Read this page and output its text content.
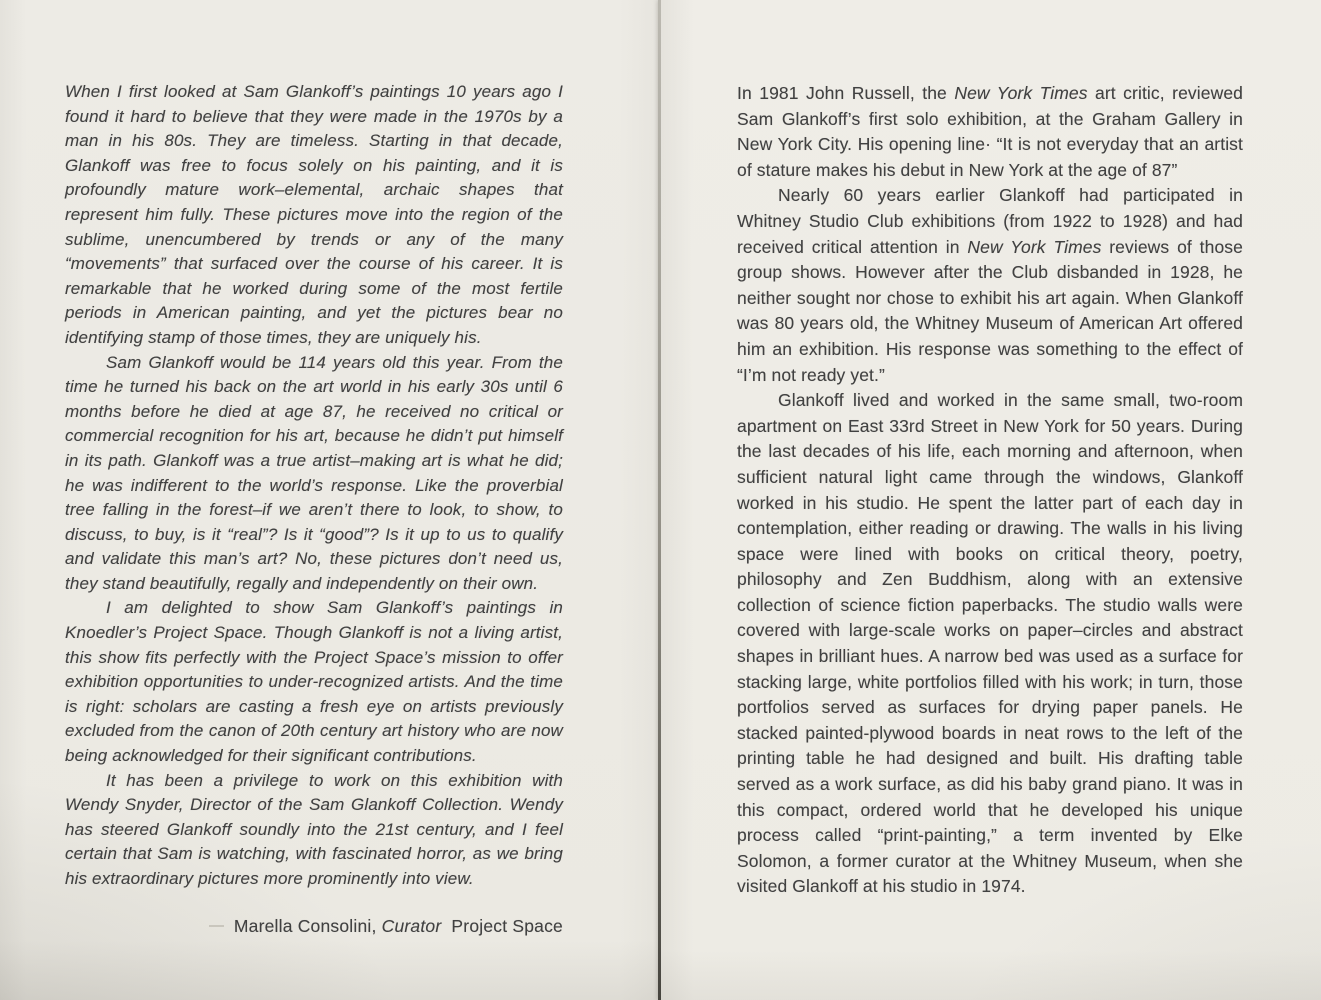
When I first looked at Sam Glankoff’s paintings 10 years ago I found it hard to believe that they were made in the 1970s by a man in his 80s. They are timeless. Starting in that decade, Glankoff was free to focus solely on his painting, and it is profoundly mature work–elemental, archaic shapes that represent him fully. These pictures move into the region of the sublime, unencumbered by trends or any of the many “movements” that surfaced over the course of his career. It is remarkable that he worked during some of the most fertile periods in American painting, and yet the pictures bear no identifying stamp of those times, they are uniquely his.

Sam Glankoff would be 114 years old this year. From the time he turned his back on the art world in his early 30s until 6 months before he died at age 87, he received no critical or commercial recognition for his art, because he didn’t put himself in its path. Glankoff was a true artist–making art is what he did; he was indifferent to the world’s response. Like the proverbial tree falling in the forest–if we aren’t there to look, to show, to discuss, to buy, is it “real”? Is it “good”? Is it up to us to qualify and validate this man’s art? No, these pictures don’t need us, they stand beautifully, regally and independently on their own.

I am delighted to show Sam Glankoff’s paintings in Knoedler’s Project Space. Though Glankoff is not a living artist, this show fits perfectly with the Project Space’s mission to offer exhibition opportunities to under-recognized artists. And the time is right: scholars are casting a fresh eye on artists previously excluded from the canon of 20th century art history who are now being acknowledged for their significant contributions.

It has been a privilege to work on this exhibition with Wendy Snyder, Director of the Sam Glankoff Collection. Wendy has steered Glankoff soundly into the 21st century, and I feel certain that Sam is watching, with fascinated horror, as we bring his extraordinary pictures more prominently into view.

Marella Consolini, Curator Project Space

In 1981 John Russell, the New York Times art critic, reviewed Sam Glankoff’s first solo exhibition, at the Graham Gallery in New York City. His opening line· “It is not everyday that an artist of stature makes his debut in New York at the age of 87”

Nearly 60 years earlier Glankoff had participated in Whitney Studio Club exhibitions (from 1922 to 1928) and had received critical attention in New York Times reviews of those group shows. However after the Club disbanded in 1928, he neither sought nor chose to exhibit his art again. When Glankoff was 80 years old, the Whitney Museum of American Art offered him an exhibition. His response was something to the effect of “I’m not ready yet.”

Glankoff lived and worked in the same small, two-room apartment on East 33rd Street in New York for 50 years. During the last decades of his life, each morning and afternoon, when sufficient natural light came through the windows, Glankoff worked in his studio. He spent the latter part of each day in contemplation, either reading or drawing. The walls in his living space were lined with books on critical theory, poetry, philosophy and Zen Buddhism, along with an extensive collection of science fiction paperbacks. The studio walls were covered with large-scale works on paper–circles and abstract shapes in brilliant hues. A narrow bed was used as a surface for stacking large, white portfolios filled with his work; in turn, those portfolios served as surfaces for drying paper panels. He stacked painted-plywood boards in neat rows to the left of the printing table he had designed and built. His drafting table served as a work surface, as did his baby grand piano. It was in this compact, ordered world that he developed his unique process called “print-painting,” a term invented by Elke Solomon, a former curator at the Whitney Museum, when she visited Glankoff at his studio in 1974.
